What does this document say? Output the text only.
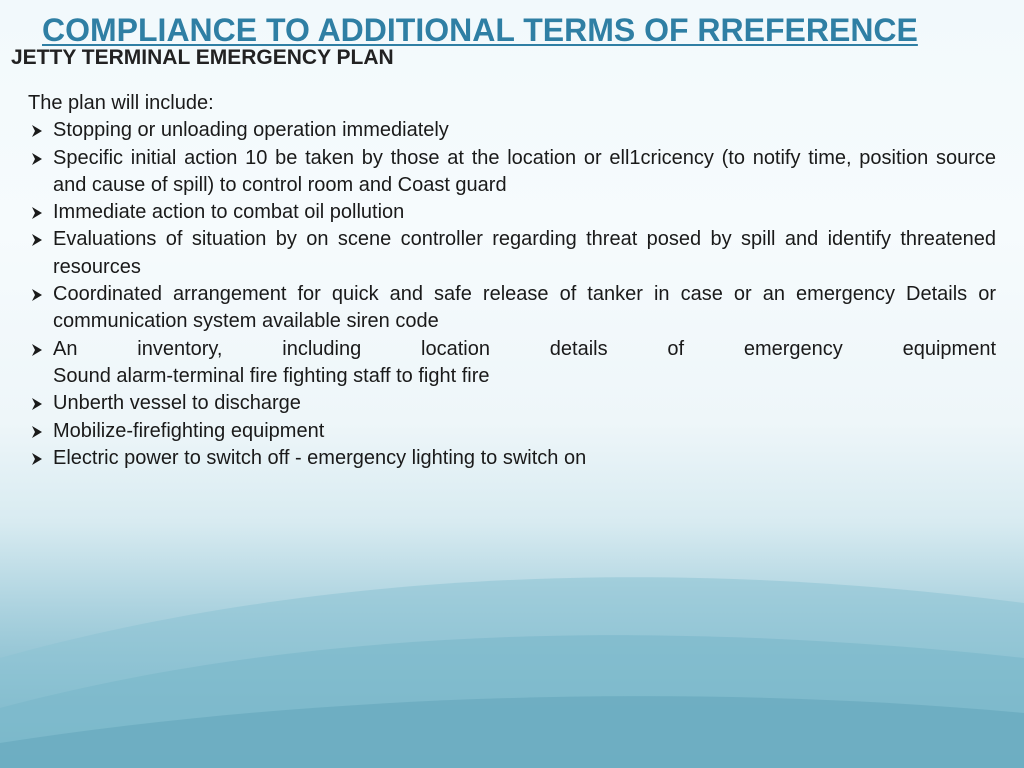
COMPLIANCE TO ADDITIONAL TERMS OF RREFERENCE
JETTY TERMINAL EMERGENCY PLAN

The plan will include:

Stopping or unloading operation immediately
Specific initial action 10 be taken by those at the location or ell1cricency (to notify time, position source and cause of spill) to control room and Coast guard
Immediate action to combat oil pollution
Evaluations of situation by on scene controller regarding threat posed by spill and identify threatened resources
Coordinated arrangement for quick and safe release of tanker in case or an emergency Details or communication system available siren code
An inventory, including location details of emergency equipment
Sound alarm-terminal fire fighting staff to fight fire
Unberth vessel to discharge
Mobilize-firefighting equipment
Electric power to switch off - emergency lighting to switch on
